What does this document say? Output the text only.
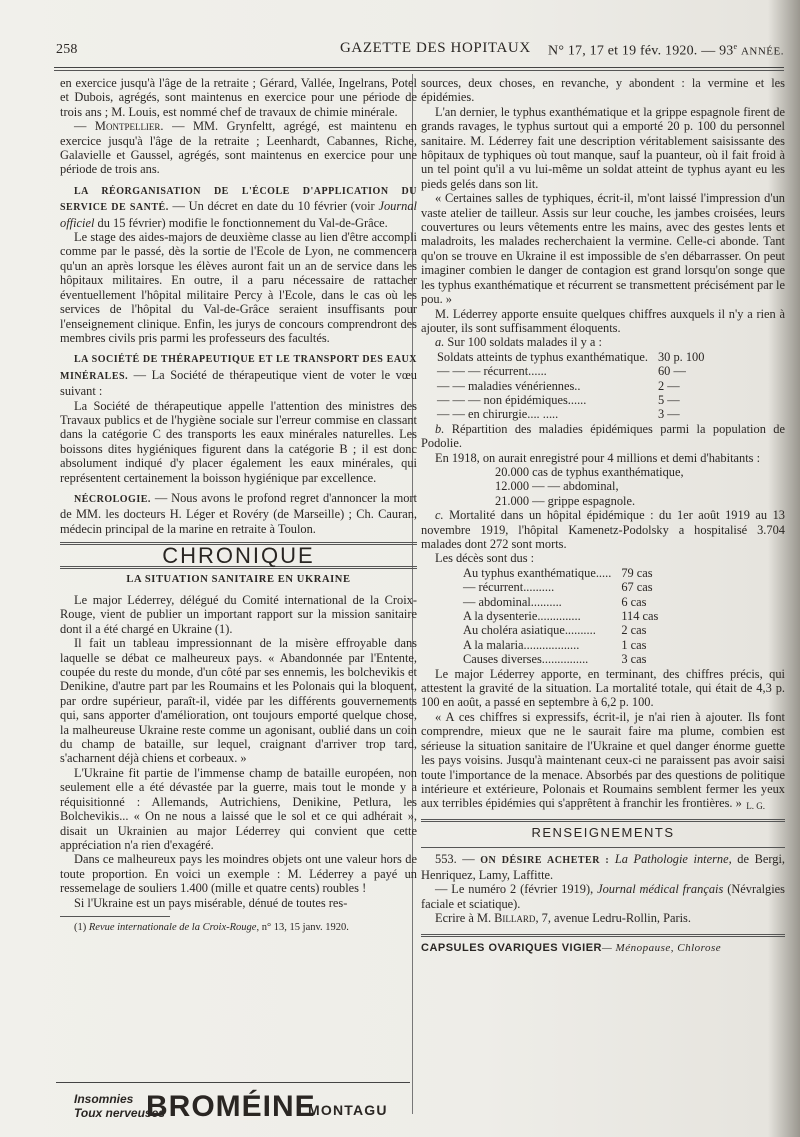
258	GAZETTE DES HOPITAUX N° 17, 17 et 19 fév. 1920. — 93e ANNÉE.

en exercice jusqu'à l'âge de la retraite ; Gérard, Vallée, Ingelrans, Potel et Dubois, agrégés, sont maintenus en exercice pour une période de trois ans ; M. Louis, est nommé chef de travaux de chimie minérale.

— Montpellier. — MM. Grynfeltt, agrégé, est maintenu en exercice jusqu'à l'âge de la retraite ; Leenhardt, Cabannes, Riche, Galavielle et Gaussel, agrégés, sont maintenus en exercice pour une période de trois ans.

LA RÉORGANISATION DE L'ÉCOLE D'APPLICATION DU SERVICE DE SANTÉ. — Un décret en date du 10 février (voir Journal officiel du 15 février) modifie le fonctionnement du Val-de-Grâce.

Le stage des aides-majors de deuxième classe au lien d'être accompli comme par le passé, dès la sortie de l'Ecole de Lyon, ne commencera qu'un an après lorsque les élèves auront fait un an de service dans les hôpitaux militaires. En outre, il a paru nécessaire de rattacher éventuellement l'hôpital militaire Percy à l'Ecole, dans le cas où les services de l'hôpital du Val-de-Grâce seraient insuffisants pour l'enseignement clinique. Enfin, les jurys de concours comprendront des membres civils pris parmi les professeurs des facultés.

LA SOCIÉTÉ DE THÉRAPEUTIQUE ET LE TRANSPORT DES EAUX MINÉRALES. — La Société de thérapeutique vient de voter le vœu suivant :

La Société de thérapeutique appelle l'attention des ministres des Travaux publics et de l'hygiène sociale sur l'erreur commise en classant dans la catégorie C des transports les eaux minérales naturelles. Les boissons dites hygiéniques figurent dans la catégorie B ; il est donc absolument indiqué d'y placer également les eaux minérales, qui représentent certainement la boisson hygiénique par excellence.

NÉCROLOGIE. — Nous avons le profond regret d'annoncer la mort de MM. les docteurs H. Léger et Rovéry (de Marseille) ; Ch. Cauran, médecin principal de la marine en retraite à Toulon.

CHRONIQUE
LA SITUATION SANITAIRE EN UKRAINE

Le major Léderrey, délégué du Comité international de la Croix-Rouge, vient de publier un important rapport sur la mission sanitaire dont il a été chargé en Ukraine (1).

Il fait un tableau impressionnant de la misère effroyable dans laquelle se débat ce malheureux pays. « Abandonnée par l'Entente, coupée du reste du monde, d'un côté par ses ennemis, les bolchevikis et Denikine, d'autre part par les Roumains et les Polonais qui la bloquent, par ordre supérieur, paraît-il, vidée par les différents gouvernements qui, sans apporter d'amélioration, ont toujours emporté quelque chose, la malheureuse Ukraine reste comme un agonisant, oublié dans un coin du champ de bataille, sur lequel, craignant d'arriver trop tard, s'acharnent déjà chiens et corbeaux. »

L'Ukraine fit partie de l'immense champ de bataille européen, non seulement elle a été dévastée par la guerre, mais tout le monde y a réquisitionné : Allemands, Autrichiens, Denikine, Petlura, les Bolchevikis... « On ne nous a laissé que le sol et ce qui adhérait », disait un Ukrainien au major Léderrey qui convient que cette appréciation n'a rien d'exagéré.

Dans ce malheureux pays les moindres objets ont une valeur hors de toute proportion. En voici un exemple : M. Léderrey a payé un ressemelage de souliers 1.400 (mille et quatre cents) roubles !

Si l'Ukraine est un pays misérable, dénué de toutes res-

(1) Revue internationale de la Croix-Rouge, n° 13, 15 janv. 1920.

Insomnies
Toux nerveuses
BROMÉINE
MONTAGU

sources, deux choses, en revanche, y abondent : la vermine et les épidémies.

L'an dernier, le typhus exanthématique et la grippe espagnole firent de grands ravages, le typhus surtout qui a emporté 20 p. 100 du personnel sanitaire. M. Léderrey fait une description véritablement saisissante des hôpitaux de typhiques où tout manque, sauf la puanteur, où il fait froid à un tel point qu'il a vu lui-même un soldat atteint de typhus ayant eu les pieds gelés dans son lit.

« Certaines salles de typhiques, écrit-il, m'ont laissé l'impression d'un vaste atelier de tailleur. Assis sur leur couche, les jambes croisées, leurs couvertures ou leurs vêtements entre les mains, avec des gestes lents et maladroits, les malades recherchaient la vermine. Celle-ci abonde. Tant qu'on se trouve en Ukraine il est impossible de s'en débarrasser. On peut imaginer combien le danger de contagion est grand lorsqu'on songe que les typhus exanthématique et récurrent se transmettent précisément par le pou. »

M. Léderrey apporte ensuite quelques chiffres auxquels il n'y a rien à ajouter, ils sont suffisamment éloquents.

a. Sur 100 soldats malades il y a :

Soldats atteints de typhus exanthématique.	30 p. 100
— — — récurrent......	60 —
— — maladies vénériennes..	2 —
— — — non épidémiques......	5 —
— — en chirurgie.... .....	3 —

b. Répartition des maladies épidémiques parmi la population de Podolie.

En 1918, on aurait enregistré pour 4 millions et demi d'habitants :

20.000 cas de typhus exanthématique,
12.000 — — abdominal,
21.000 — grippe espagnole.

c. Mortalité dans un hôpital épidémique : du 1er août 1919 au 13 novembre 1919, l'hôpital Kamenetz-Podolsky a hospitalisé 3.704 malades dont 272 sont morts.

Les décès sont dus :

Au typhus exanthématique.....	79 cas
— récurrent..........	67 cas
— abdominal..........	6 cas
A la dysenterie..............	114 cas
Au choléra asiatique..........	2 cas
A la malaria..................	1 cas
Causes diverses...............	3 cas

Le major Léderrey apporte, en terminant, des chiffres précis, qui attestent la gravité de la situation. La mortalité totale, qui était de 4,3 p. 100 en août, a passé en septembre à 6,2 p. 100.

« A ces chiffres si expressifs, écrit-il, je n'ai rien à ajouter. Ils font comprendre, mieux que ne le saurait faire ma plume, combien est sérieuse la situation sanitaire de l'Ukraine et quel danger énorme guette les pays voisins. Jusqu'à maintenant ceux-ci ne paraissent pas avoir saisi toute l'importance de la menace. Absorbés par des questions de politique intérieure et extérieure, Polonais et Roumains semblent fermer les yeux aux terribles épidémies qui s'apprêtent à franchir les frontières. » L. G.
RENSEIGNEMENTS

553. — ON DÉSIRE ACHETER : La Pathologie interne, de Bergi, Henriquez, Lamy, Laffitte.

— Le numéro 2 (février 1919), Journal médical français (Névralgies faciale et sciatique).

Ecrire à M. Billard, 7, avenue Ledru-Rollin, Paris.

CAPSULES OVARIQUES VIGIER— Ménopause, Chlorose
